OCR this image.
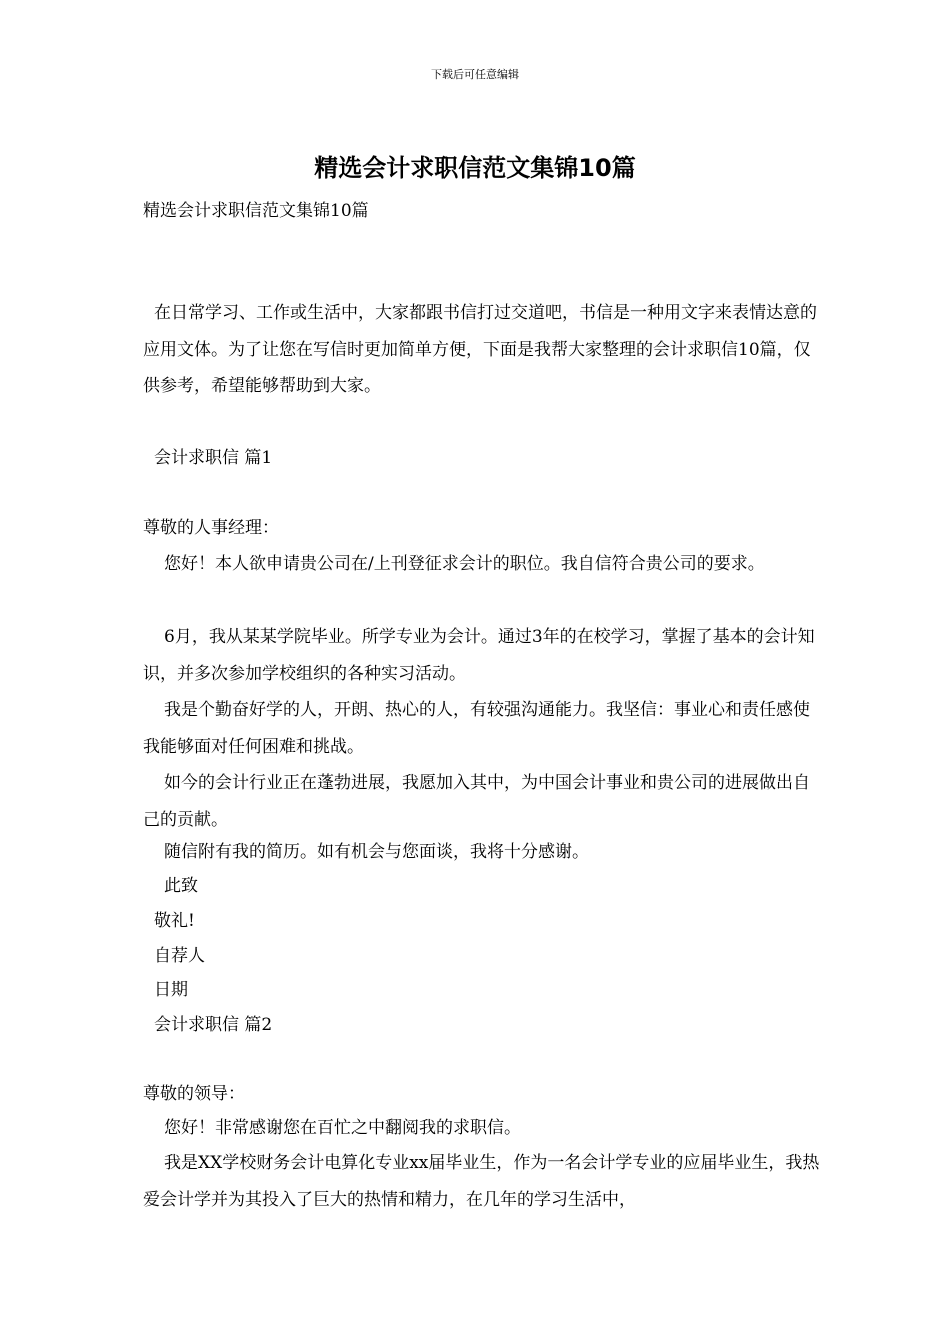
下载后可任意编辑
精选会计求职信范文集锦10篇

精选会计求职信范文集锦10篇

在日常学习、工作或生活中，大家都跟书信打过交道吧，书信是一种用文字来表情达意的应用文体。为了让您在写信时更加简单方便，下面是我帮大家整理的会计求职信10篇，仅供参考，希望能够帮助到大家。

会计求职信 篇1

尊敬的人事经理：

您好！本人欲申请贵公司在/上刊登征求会计的职位。我自信符合贵公司的要求。

6月，我从某某学院毕业。所学专业为会计。通过3年的在校学习，掌握了基本的会计知识，并多次参加学校组织的各种实习活动。

我是个勤奋好学的人，开朗、热心的人，有较强沟通能力。我坚信：事业心和责任感使我能够面对任何困难和挑战。

如今的会计行业正在蓬勃进展，我愿加入其中，为中国会计事业和贵公司的进展做出自己的贡献。

随信附有我的简历。如有机会与您面谈，我将十分感谢。

此致

敬礼!

自荐人

日期

会计求职信 篇2

尊敬的领导：

您好！非常感谢您在百忙之中翻阅我的求职信。

我是XX学校财务会计电算化专业xx届毕业生，作为一名会计学专业的应届毕业生，我热爱会计学并为其投入了巨大的热情和精力，在几年的学习生活中，
